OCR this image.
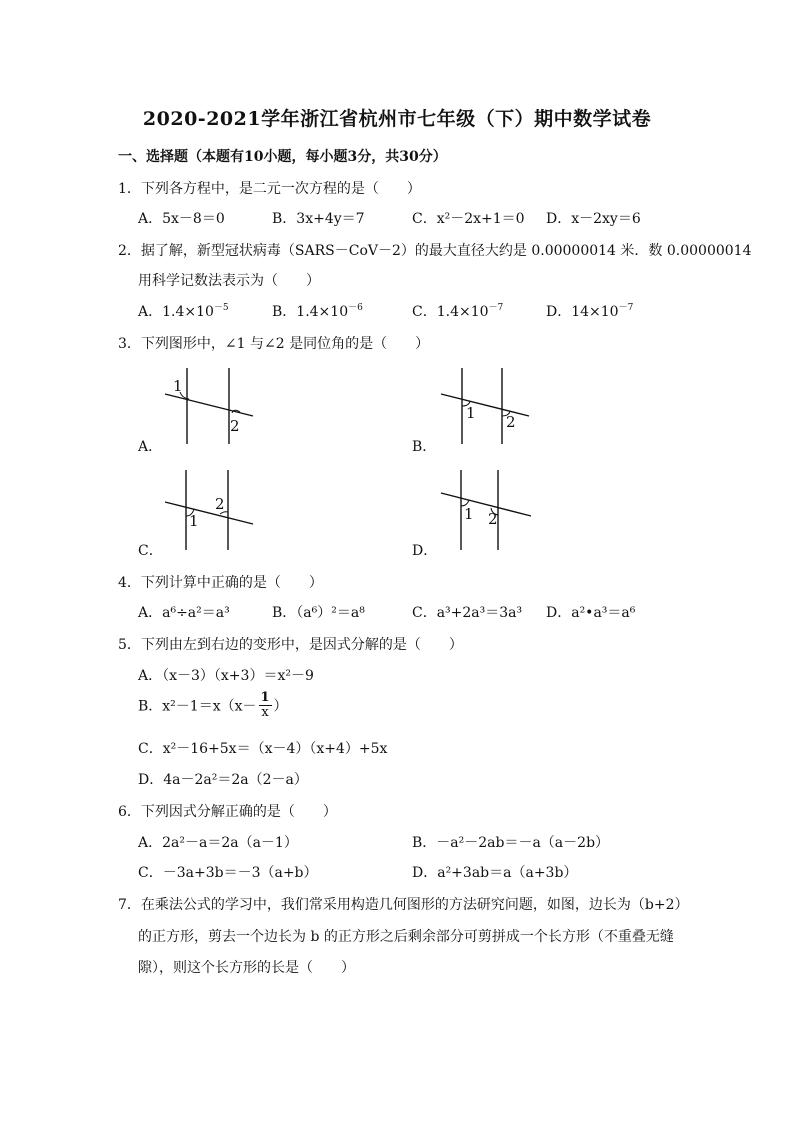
2020-2021学年浙江省杭州市七年级（下）期中数学试卷
一、选择题（本题有10小题，每小题3分，共30分）
1．下列各方程中，是二元一次方程的是（　　）
A．5x－8＝0	B．3x+4y＝7	C．x²－2x+1＝0 D．x－2xy＝6
2．据了解，新型冠状病毒（SARS－CoV－2）的最大直径大约是 0.00000014 米．数 0.00000014
用科学记数法表示为（　　）
A．$1.4\times 10^{-5}$	B．$1.4\times 10^{-6}$	C．$1.4\times 10^{-7}$	D．$14\times 10^{-7}$
3．下列图形中，∠1 与∠2 是同位角的是（　　）
1
2
A．
1 2
B．
1
2
C．
1 2
D．
4．下列计算中正确的是（　　）
A．a⁶÷a²＝a³	B．（a⁶）²＝a⁸	C．a³+2a³＝3a³ D．a²•a³＝a⁶
5．下列由左到右边的变形中，是因式分解的是（　　）
A．（x－3）（x+3）＝x²－9
B．$x^2-1=x(x- \frac{1}{x}$ ）
C．x²－16+5x＝（x－4）（x+4）+5x
D．4a－2a²＝2a（2－a）
6．下列因式分解正确的是（　　）
A．2a²－a＝2a（a－1）	B．－a²－2ab＝－a（a－2b）
C．－3a+3b＝－3（a+b）	D．a²+3ab＝a（a+3b）
7．在乘法公式的学习中，我们常采用构造几何图形的方法研究问题，如图，边长为（b+2）
的正方形，剪去一个边长为 b 的正方形之后剩余部分可剪拼成一个长方形（不重叠无缝
隙），则这个长方形的长是（　　）
